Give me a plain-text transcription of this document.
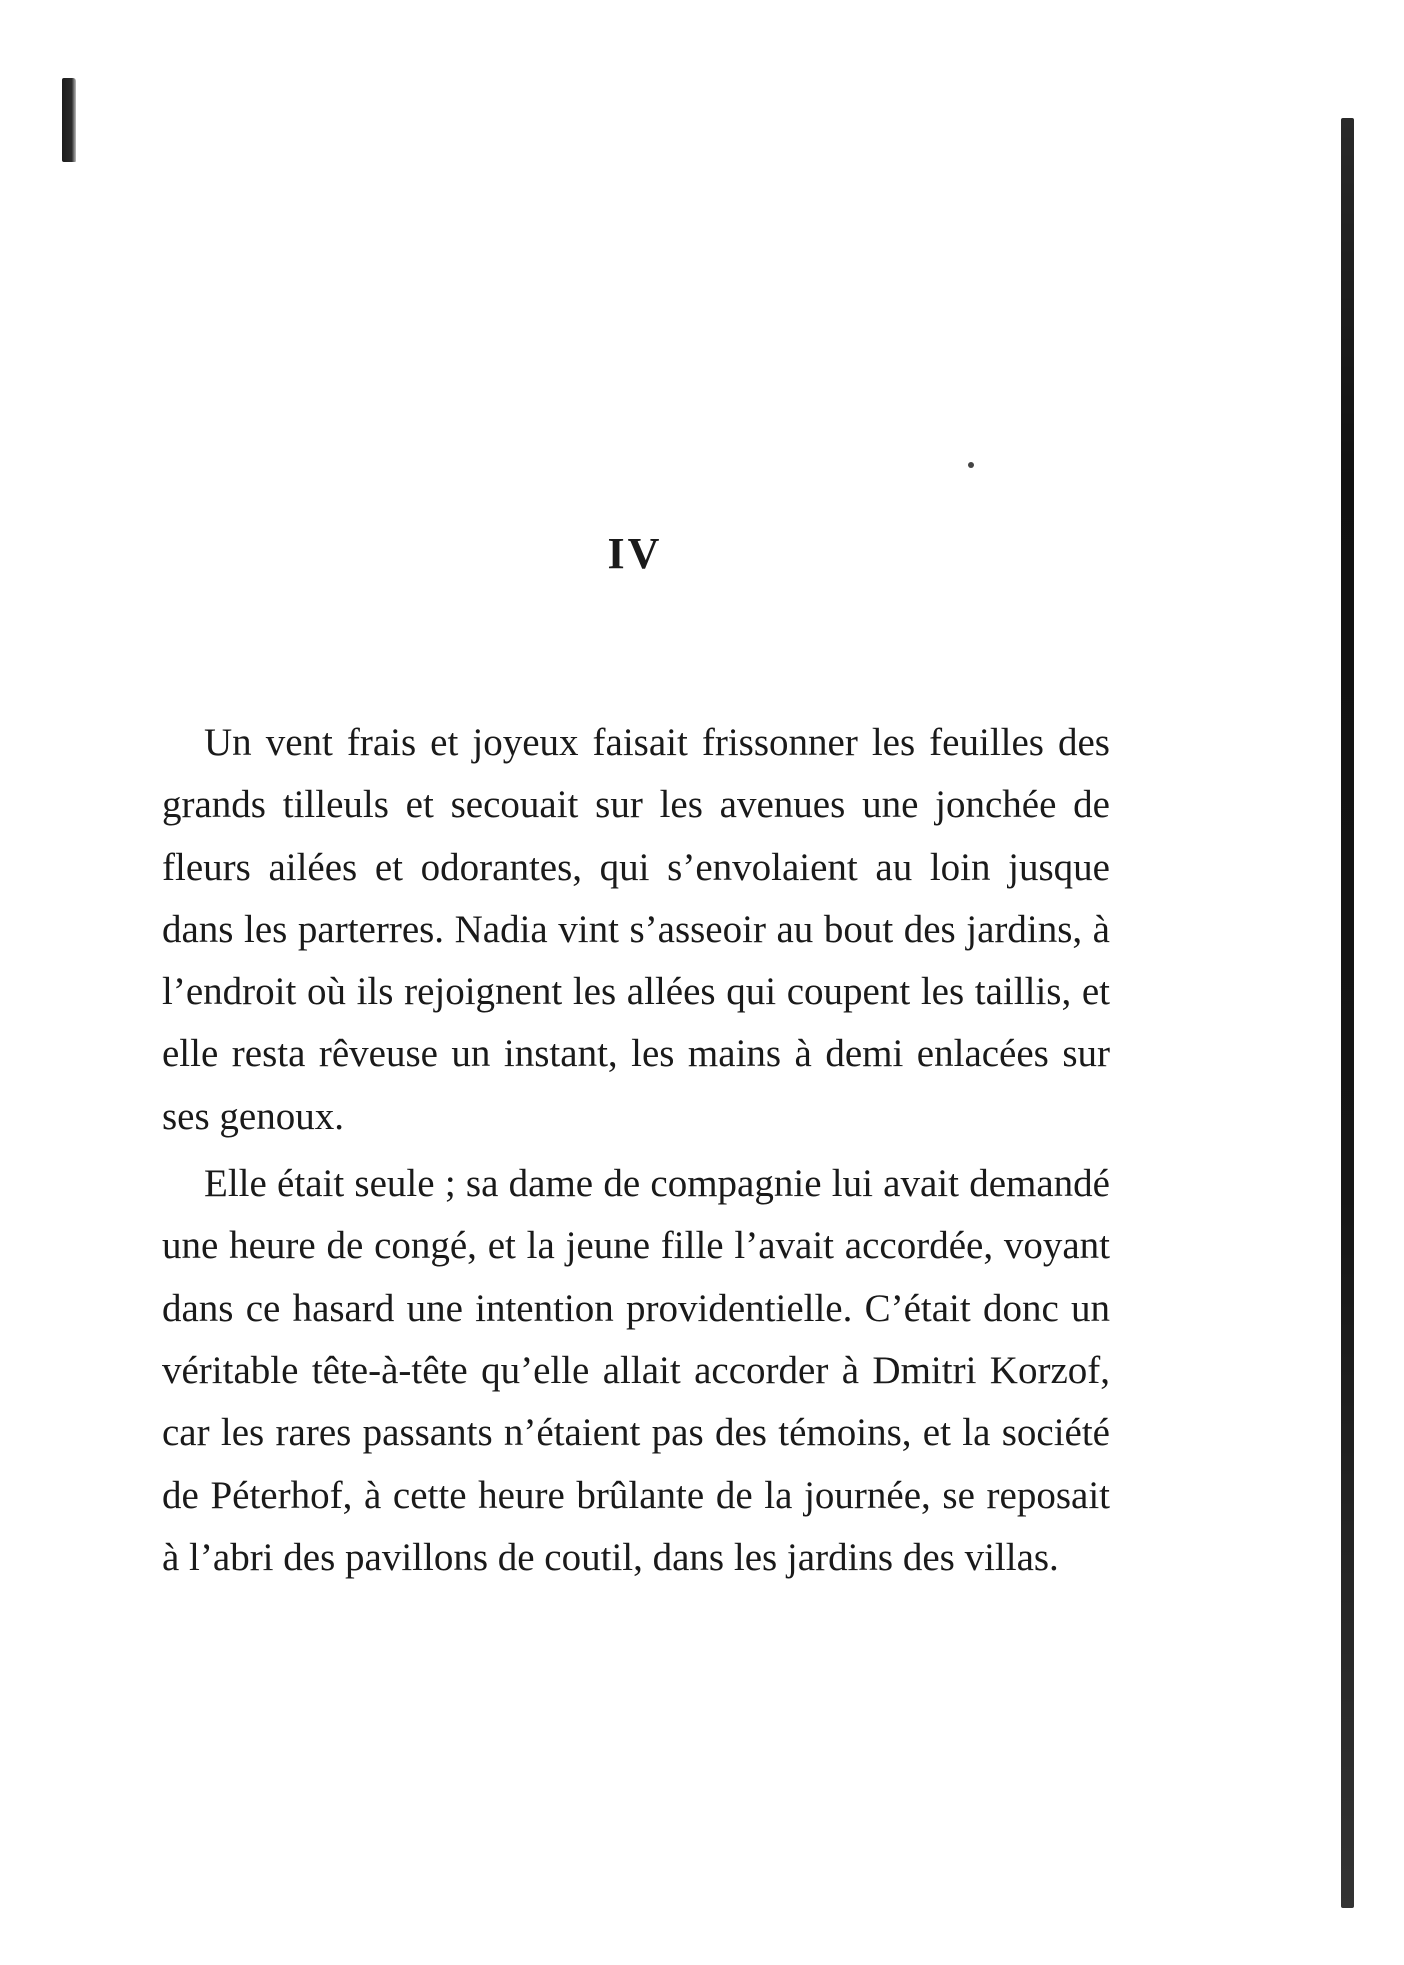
IV

Un vent frais et joyeux faisait frissonner les feuilles des grands tilleuls et secouait sur les avenues une jonchée de fleurs ailées et odorantes, qui s’envolaient au loin jusque dans les parterres. Nadia vint s’asseoir au bout des jardins, à l’endroit où ils rejoignent les allées qui coupent les taillis, et elle resta rêveuse un instant, les mains à demi enlacées sur ses genoux.

Elle était seule ; sa dame de compagnie lui avait demandé une heure de congé, et la jeune fille l’avait accordée, voyant dans ce hasard une intention providentielle. C’était donc un véritable tête-à-tête qu’elle allait accorder à Dmitri Korzof, car les rares passants n’étaient pas des témoins, et la société de Péterhof, à cette heure brûlante de la journée, se reposait à l’abri des pavillons de coutil, dans les jardins des villas.
